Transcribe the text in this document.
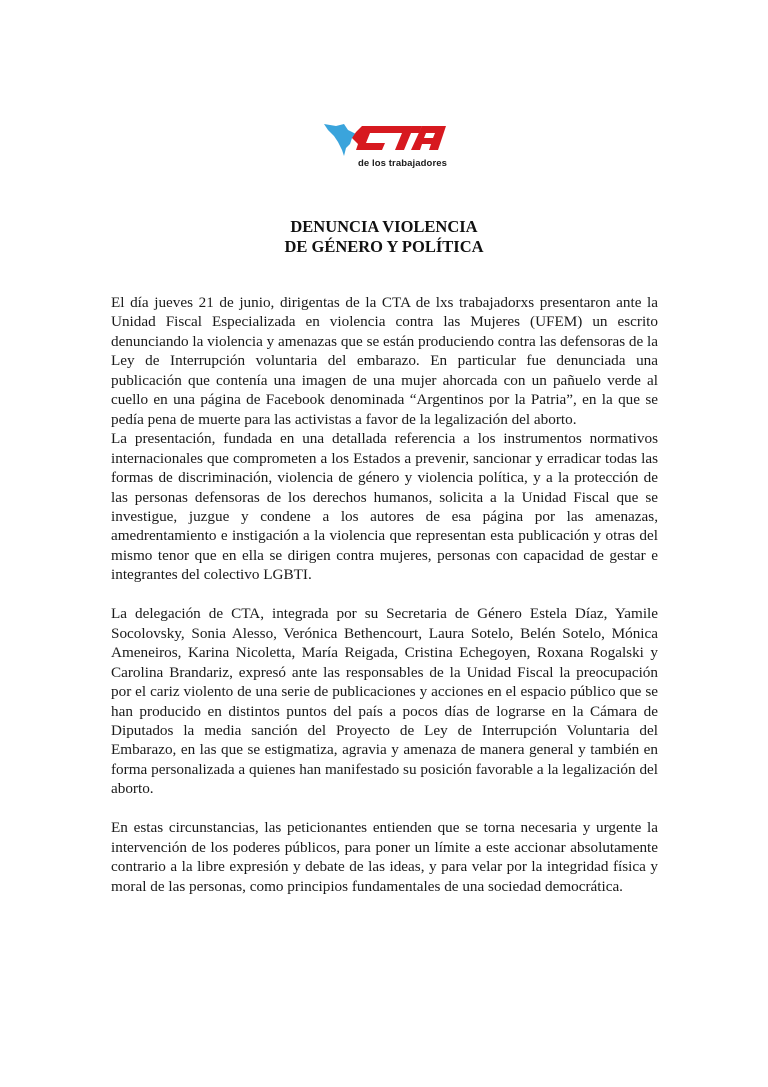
CTA
de los trabajadores
DENUNCIA VIOLENCIA
DE GÉNERO Y POLÍTICA

El día jueves 21 de junio, dirigentas de la CTA de lxs trabajadorxs presentaron ante la Unidad Fiscal Especializada en violencia contra las Mujeres (UFEM) un escrito denunciando la violencia y amenazas que se están produciendo contra las defensoras de la Ley de Interrupción voluntaria del embarazo. En particular fue denunciada una publicación que contenía una imagen de una mujer ahorcada con un pañuelo verde al cuello en una página de Facebook denominada “Argentinos por la Patria”, en la que se pedía pena de muerte para las activistas a favor de la legalización del aborto.

La presentación, fundada en una detallada referencia a los instrumentos normativos internacionales que comprometen a los Estados a prevenir, sancionar y erradicar todas las formas de discriminación, violencia de género y violencia política, y a la protección de las personas defensoras de los derechos humanos, solicita a la Unidad Fiscal que se investigue, juzgue y condene a los autores de esa página por las amenazas, amedrentamiento e instigación a la violencia que representan esta publicación y otras del mismo tenor que en ella se dirigen contra mujeres, personas con capacidad de gestar e integrantes del colectivo LGBTI.

La delegación de CTA, integrada por su Secretaria de Género Estela Díaz, Yamile Socolovsky, Sonia Alesso, Verónica Bethencourt, Laura Sotelo, Belén Sotelo, Mónica Ameneiros, Karina Nicoletta, María Reigada, Cristina Echegoyen, Roxana Rogalski y Carolina Brandariz, expresó ante las responsables de la Unidad Fiscal la preocupación por el cariz violento de una serie de publicaciones y acciones en el espacio público que se han producido en distintos puntos del país a pocos días de lograrse en la Cámara de Diputados la media sanción del Proyecto de Ley de Interrupción Voluntaria del Embarazo, en las que se estigmatiza, agravia y amenaza de manera general y también en forma personalizada a quienes han manifestado su posición favorable a la legalización del aborto.

En estas circunstancias, las peticionantes entienden que se torna necesaria y urgente la intervención de los poderes públicos, para poner un límite a este accionar absolutamente contrario a la libre expresión y debate de las ideas, y para velar por la integridad física y moral de las personas, como principios fundamentales de una sociedad democrática.
